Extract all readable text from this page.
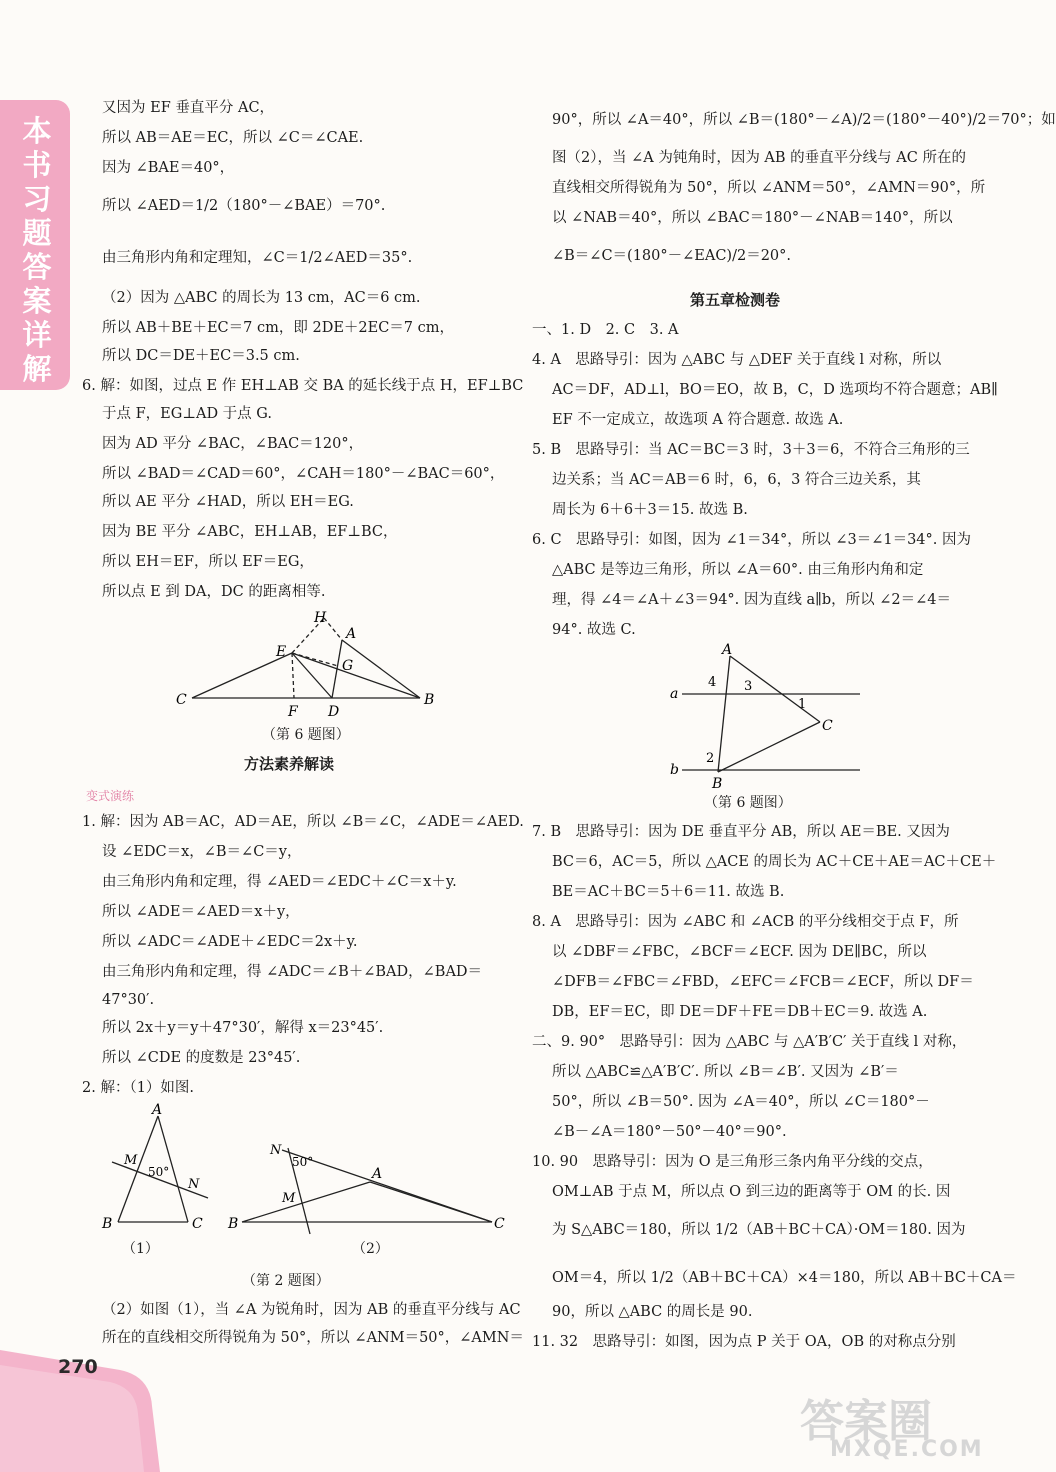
本书习题答案详解
270
又因为 EF 垂直平分 AC，
所以 AB＝AE＝EC，所以 ∠C＝∠CAE.
因为 ∠BAE＝40°，
所以 ∠AED＝1/2（180°－∠BAE）＝70°.
由三角形内角和定理知，∠C＝1/2∠AED＝35°.
（2）因为 △ABC 的周长为 13 cm，AC＝6 cm.
所以 AB＋BE＋EC＝7 cm，即 2DE＋2EC＝7 cm，
所以 DC＝DE＋EC＝3.5 cm.
6. 解：如图，过点 E 作 EH⊥AB 交 BA 的延长线于点 H，EF⊥BC
于点 F，EG⊥AD 于点 G.
因为 AD 平分 ∠BAC，∠BAC＝120°，
所以 ∠BAD＝∠CAD＝60°，∠CAH＝180°－∠BAC＝60°，
所以 AE 平分 ∠HAD，所以 EH＝EG.
因为 BE 平分 ∠ABC，EH⊥AB，EF⊥BC，
所以 EH＝EF，所以 EF＝EG，
所以点 E 到 DA，DC 的距离相等.
H
A
E
G
C
F D
B
（第 6 题图）
方法素养解读
变式演练
1. 解：因为 AB＝AC，AD＝AE，所以 ∠B＝∠C，∠ADE＝∠AED.
设 ∠EDC＝x，∠B＝∠C＝y，
由三角形内角和定理，得 ∠AED＝∠EDC＋∠C＝x＋y.
所以 ∠ADE＝∠AED＝x＋y，
所以 ∠ADC＝∠ADE＋∠EDC＝2x＋y.
由三角形内角和定理，得 ∠ADC＝∠B＋∠BAD，∠BAD＝
47°30′.
所以 2x＋y＝y＋47°30′，解得 x＝23°45′.
所以 ∠CDE 的度数是 23°45′.
2. 解：（1）如图.
A
M
50°
N
B	C
N
50°
A
M
B	C
（1）	（2）
（第 2 题图）
（2）如图（1），当 ∠A 为锐角时，因为 AB 的垂直平分线与 AC
所在的直线相交所得锐角为 50°，所以 ∠ANM＝50°，∠AMN＝
90°，所以 ∠A＝40°，所以 ∠B＝(180°－∠A)/2＝(180°－40°)/2＝70°；如
图（2），当 ∠A 为钝角时，因为 AB 的垂直平分线与 AC 所在的
直线相交所得锐角为 50°，所以 ∠ANM＝50°，∠AMN＝90°，所
以 ∠NAB＝40°，所以 ∠BAC＝180°－∠NAB＝140°，所以
∠B＝∠C＝(180°－∠EAC)/2＝20°.
第五章检测卷
一、1. D　2. C　3. A
4. A　思路导引：因为 △ABC 与 △DEF 关于直线 l 对称，所以
AC＝DF，AD⊥l，BO＝EO，故 B，C，D 选项均不符合题意；AB∥
EF 不一定成立，故选项 A 符合题意. 故选 A.
5. B　思路导引：当 AC＝BC＝3 时，3＋3＝6，不符合三角形的三
边关系；当 AC＝AB＝6 时，6，6，3 符合三边关系，其
周长为 6＋6＋3＝15. 故选 B.
6. C　思路导引：如图，因为 ∠1＝34°，所以 ∠3＝∠1＝34°. 因为
△ABC 是等边三角形，所以 ∠A＝60°. 由三角形内角和定
理，得 ∠4＝∠A＋∠3＝94°. 因为直线 a∥b，所以 ∠2＝∠4＝
94°. 故选 C.
A
a
4 3
1
C
2
b
B
（第 6 题图）
7. B　思路导引：因为 DE 垂直平分 AB，所以 AE＝BE. 又因为
BC＝6，AC＝5，所以 △ACE 的周长为 AC＋CE＋AE＝AC＋CE＋
BE＝AC＋BC＝5＋6＝11. 故选 B.
8. A　思路导引：因为 ∠ABC 和 ∠ACB 的平分线相交于点 F，所
以 ∠DBF＝∠FBC，∠BCF＝∠ECF. 因为 DE∥BC，所以
∠DFB＝∠FBC＝∠FBD，∠EFC＝∠FCB＝∠ECF，所以 DF＝
DB，EF＝EC，即 DE＝DF＋FE＝DB＋EC＝9. 故选 A.
二、9. 90°　思路导引：因为 △ABC 与 △A′B′C′ 关于直线 l 对称，
所以 △ABC≌△A′B′C′. 所以 ∠B＝∠B′. 又因为 ∠B′＝
50°，所以 ∠B＝50°. 因为 ∠A＝40°，所以 ∠C＝180°－
∠B－∠A＝180°－50°－40°＝90°.
10. 90　思路导引：因为 O 是三角形三条内角平分线的交点，
OM⊥AB 于点 M，所以点 O 到三边的距离等于 OM 的长. 因
为 S△ABC＝180，所以 1/2（AB＋BC＋CA）·OM＝180. 因为
OM＝4，所以 1/2（AB＋BC＋CA）×4＝180，所以 AB＋BC＋CA＝
90，所以 △ABC 的周长是 90.
11. 32　思路导引：如图，因为点 P 关于 OA，OB 的对称点分别
答案圈
MXQE.COM
